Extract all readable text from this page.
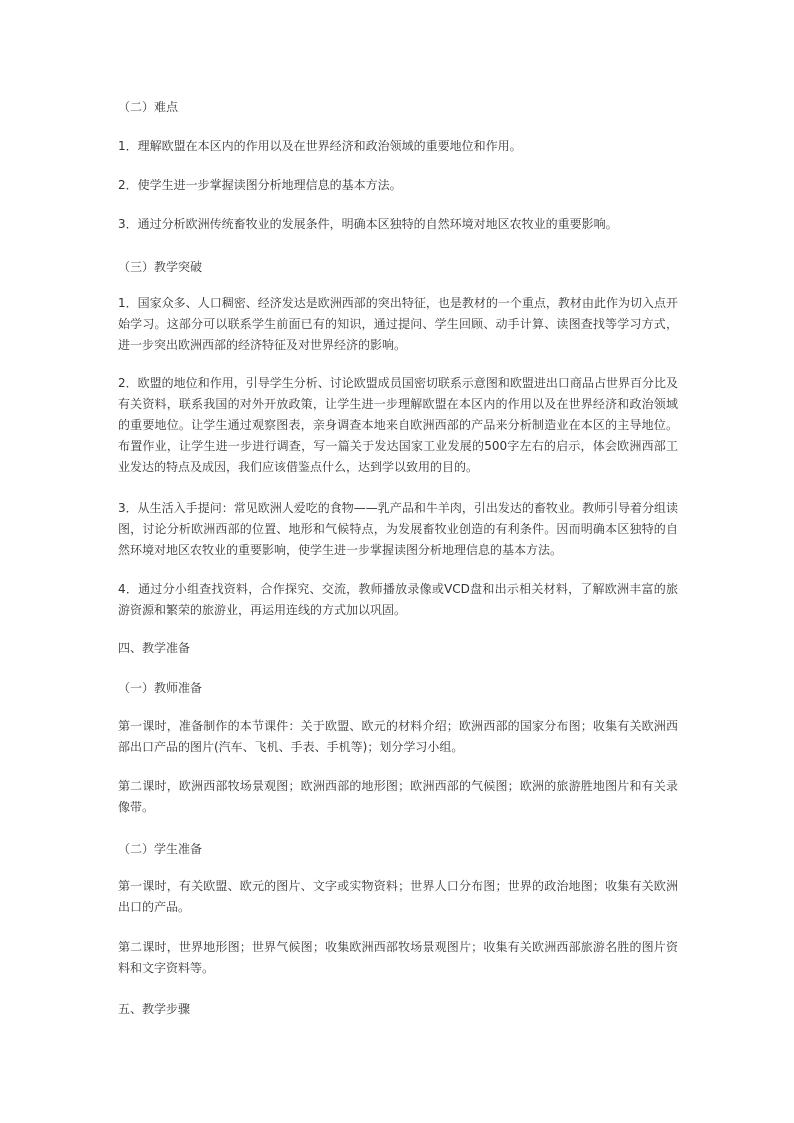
（二）难点

1．理解欧盟在本区内的作用以及在世界经济和政治领域的重要地位和作用。

2．使学生进一步掌握读图分析地理信息的基本方法。

3．通过分析欧洲传统畜牧业的发展条件，明确本区独特的自然环境对地区农牧业的重要影响。

（三）教学突破

1．国家众多、人口稠密、经济发达是欧洲西部的突出特征，也是教材的一个重点，教材由此作为切入点开始学习。这部分可以联系学生前面已有的知识，通过提问、学生回顾、动手计算、读图查找等学习方式，进一步突出欧洲西部的经济特征及对世界经济的影响。

2．欧盟的地位和作用，引导学生分析、讨论欧盟成员国密切联系示意图和欧盟进出口商品占世界百分比及有关资料，联系我国的对外开放政策，让学生进一步理解欧盟在本区内的作用以及在世界经济和政治领域的重要地位。让学生通过观察图表，亲身调查本地来自欧洲西部的产品来分析制造业在本区的主导地位。布置作业，让学生进一步进行调查，写一篇关于发达国家工业发展的500字左右的启示，体会欧洲西部工业发达的特点及成因，我们应该借鉴点什么，达到学以致用的目的。

3．从生活入手提问：常见欧洲人爱吃的食物——乳产品和牛羊肉，引出发达的畜牧业。教师引导着分组读图，讨论分析欧洲西部的位置、地形和气候特点，为发展畜牧业创造的有利条件。因而明确本区独特的自然环境对地区农牧业的重要影响，使学生进一步掌握读图分析地理信息的基本方法。

4．通过分小组查找资料，合作探究、交流，教师播放录像或VCD盘和出示相关材料，了解欧洲丰富的旅游资源和繁荣的旅游业，再运用连线的方式加以巩固。

四、教学准备

（一）教师准备

第一课时，准备制作的本节课件：关于欧盟、欧元的材料介绍；欧洲西部的国家分布图；收集有关欧洲西部出口产品的图片(汽车、飞机、手表、手机等)；划分学习小组。

第二课时，欧洲西部牧场景观图；欧洲西部的地形图；欧洲西部的气候图；欧洲的旅游胜地图片和有关录像带。

（二）学生准备

第一课时，有关欧盟、欧元的图片、文字或实物资料；世界人口分布图；世界的政治地图；收集有关欧洲出口的产品。

第二课时，世界地形图；世界气候图；收集欧洲西部牧场景观图片；收集有关欧洲西部旅游名胜的图片资料和文字资料等。

五、教学步骤
